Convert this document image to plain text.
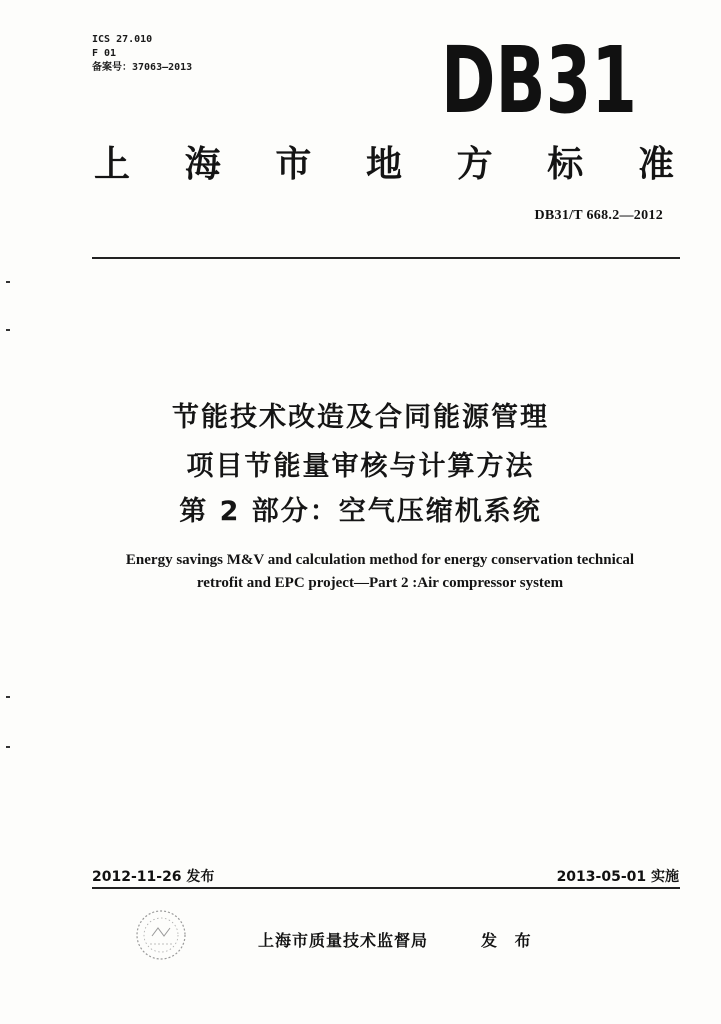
ICS 27.010
F 01
备案号：37063—2013	DB31
上 海 市 地 方 标 准
DB31/T 668.2—2012
节能技术改造及合同能源管理
项目节能量审核与计算方法
第 2 部分：空气压缩机系统
Energy savings M&V and calculation method for energy conservation technical
retrofit and EPC project—Part 2 :Air compressor system
2012-11-26 发布	2013-05-01 实施
上海市质量技术监督局	发 布
